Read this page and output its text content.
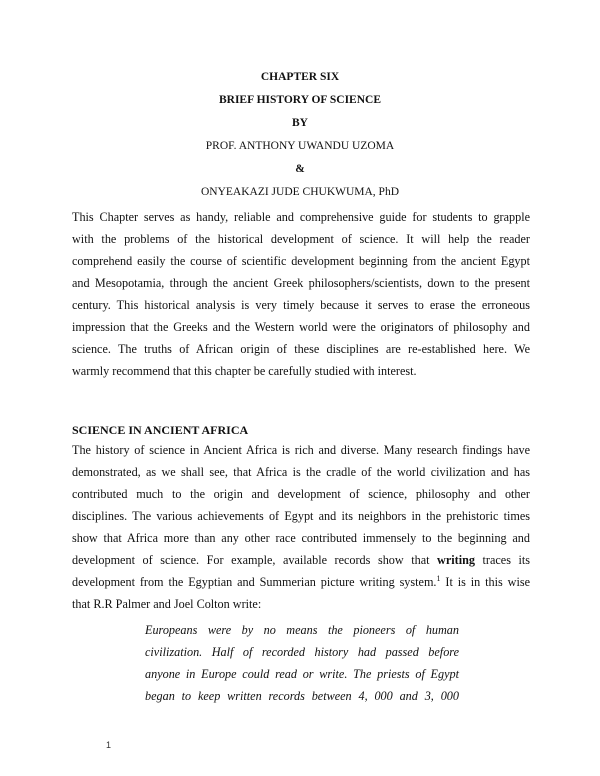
CHAPTER SIX
BRIEF HISTORY OF SCIENCE
BY
PROF. ANTHONY UWANDU UZOMA
&
ONYEAKAZI JUDE CHUKWUMA, PhD
This Chapter serves as handy, reliable and comprehensive guide for students to grapple
with the problems of the historical development of science. It will help the reader
comprehend easily the course of scientific development beginning from the ancient Egypt
and Mesopotamia, through the ancient Greek philosophers/scientists, down to the present
century. This historical analysis is very timely because it serves to erase the erroneous
impression that the Greeks and the Western world were the originators of philosophy and
science. The truths of African origin of these disciplines are re-established here. We
warmly recommend that this chapter be carefully studied with interest.
SCIENCE IN ANCIENT AFRICA
The history of science in Ancient Africa is rich and diverse. Many research findings have
demonstrated, as we shall see, that Africa is the cradle of the world civilization and has
contributed much to the origin and development of science, philosophy and other
disciplines. The various achievements of Egypt and its neighbors in the prehistoric times
show that Africa more than any other race contributed immensely to the beginning and
development of science. For example, available records show that writing traces its
development from the Egyptian and Summerian picture writing system.$^1$ It is in this wise
that R.R Palmer and Joel Colton write:
Europeans were by no means the pioneers of human
civilization. Half of recorded history had passed before
anyone in Europe could read or write. The priests of Egypt
began to keep written records between 4, 000 and 3, 000
1
